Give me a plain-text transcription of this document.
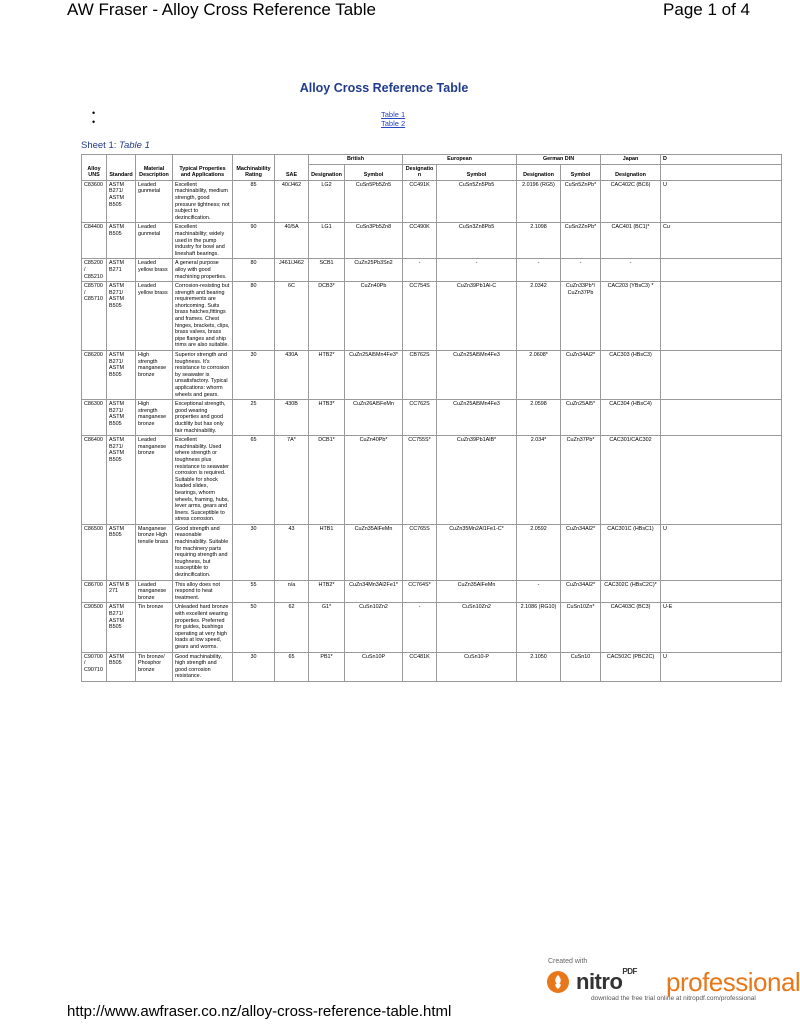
AW Fraser - Alloy Cross Reference Table	Page 1 of 4
Alloy Cross Reference Table
•
•
Table 1
Table 2
Sheet 1: Table 1
Alloy UNS	Standard	Material Description	Typical Properties and Applications	Machinability Rating	SAE	British		European		German DIN		Japan	D
						Designation	Symbol	Designation	Symbol	Designation	Symbol	Designation	
C83600	ASTM B271/ ASTM B505	Leaded gunmetal	Excellent machinability, medium strength, good pressure tightness; not subject to dezincification.	85	40/J462	LG2	CuSn5Pb5Zn5	CC491K	CuSn5Zn5Pb5	2.0196 (RG5)	CuSn5ZnPb*	CAC402C (BC6)	U
C84400	ASTM B505	Leaded gunmetal	Excellent machinability; widely used in the pump industry for bowl and lineshaft bearings.	90	40/5A	LG1	CuSn3Pb5Zn8	CC490K	CuSn3Zn8Pb5	2.1098	CuSn2ZnPb*	CAC401 (BC1)*	Cu
C85200/ C85210	ASTM B271	Leaded yellow brass	A general purpose alloy with good machining properties.	80	J461/J462	SCB1	CuZn25Pb3Sn2	-	-	-	-	-	
C85700/ C85710	ASTM B271/ ASTM B505	Leaded yellow brass	Corrosion-resisting but strength and bearing requirements are shortcoming. Suits brass hatches,fittings and frames. Chest hinges, brackets, clips, brass valves, brass pipe flanges and ship trims are also suitable.	80	6C	DCB3*	CuZn40Pb	CC754S	CuZn39Pb1Al-C	2.0342	CuZn33Pb*/ CuZn37Pb	CAC203 (YBsC3) *	
C86200	ASTM B271/ ASTM B505	High strength manganese bronze	Superior strength and toughness. It's resistance to corrosion by seawater is unsatisfactory. Typical applications: whorm wheels and gears.	30	430A	HTB2*	CuZn25Al5Mn4Fe3*	CB762S	CuZn25Al5Mn4Fe3	2.0608*	CuZn34Al2*	CAC303 (HBsC3)	
C86300	ASTM B271/ ASTM B505	High strength manganese bronze	Exceptional strength, good wearing properties and good ductility but has only fair machinability.	25	430B	HTB3*	CuZn26Al5FeMn	CC762S	CuZn25Al5Mn4Fe3	2.0598	CuZn25Al5*	CAC304 (HBsC4)	
C86400	ASTM B271/ ASTM B505	Leaded manganese bronze	Excellent machinability. Used where strength or toughness plus resistance to seawater corrosion is required. Suitable for shock loaded slides, bearings, whorm wheels, framing, hubs, lever arms, gears and liners. Susceptible to stress corrosion.	65	7A*	DCB1*	CuZn40Pb*	CC755S*	CuZn39Pb1AlB*	2.034*	CuZn37Pb*	CAC301/CAC302	
C86500	ASTM B505	Manganese bronze High tensile brass	Good strength and reasonable machinability. Suitable for machinery parts requiring strength and toughness, but susceptible to dezincification.	30	43	HTB1	CuZn35AlFeMn	CC765S	CuZn35Mn2Al1Fe1-C*	2.0592	CuZn34Al2*	CAC301C (HBsC1)	U
C86700	ASTM B 271	Leaded manganese bronze	This alloy does not respond to heat treatment.	55	n/a	HTB2*	CuZn34Mn3Al2Fe1*	CC764S*	CuZn35AlFeMn	-	CuZn34Al2*	CAC302C (HBsC2C)*	
C90500	ASTM B271/ ASTM B505	Tin bronze	Unleaded hard bronze with excellent wearing properties. Preferred for guides, bushings operating at very high loads at low speed, gears and worms.	50	62	G1*	CuSn10Zn2	-	CuSn10Zn2	2.1086 (RG10)	CuSn10Zn*	CAC403C (BC3)	U-E
C90700/ C90710	ASTM B505	Tin bronze/ Phosphor bronze	Good machinability, high strength and good corrosion resistance.	30	65	PB1*	CuSn10P	CC481K	CuSn10-P	2.1050	CuSn10	CAC502C (PBC2C)	U
Created with
nitro$^{PDF}$ professional
download the free trial online at nitropdf.com/professional
http://www.awfraser.co.nz/alloy-cross-reference-table.html
